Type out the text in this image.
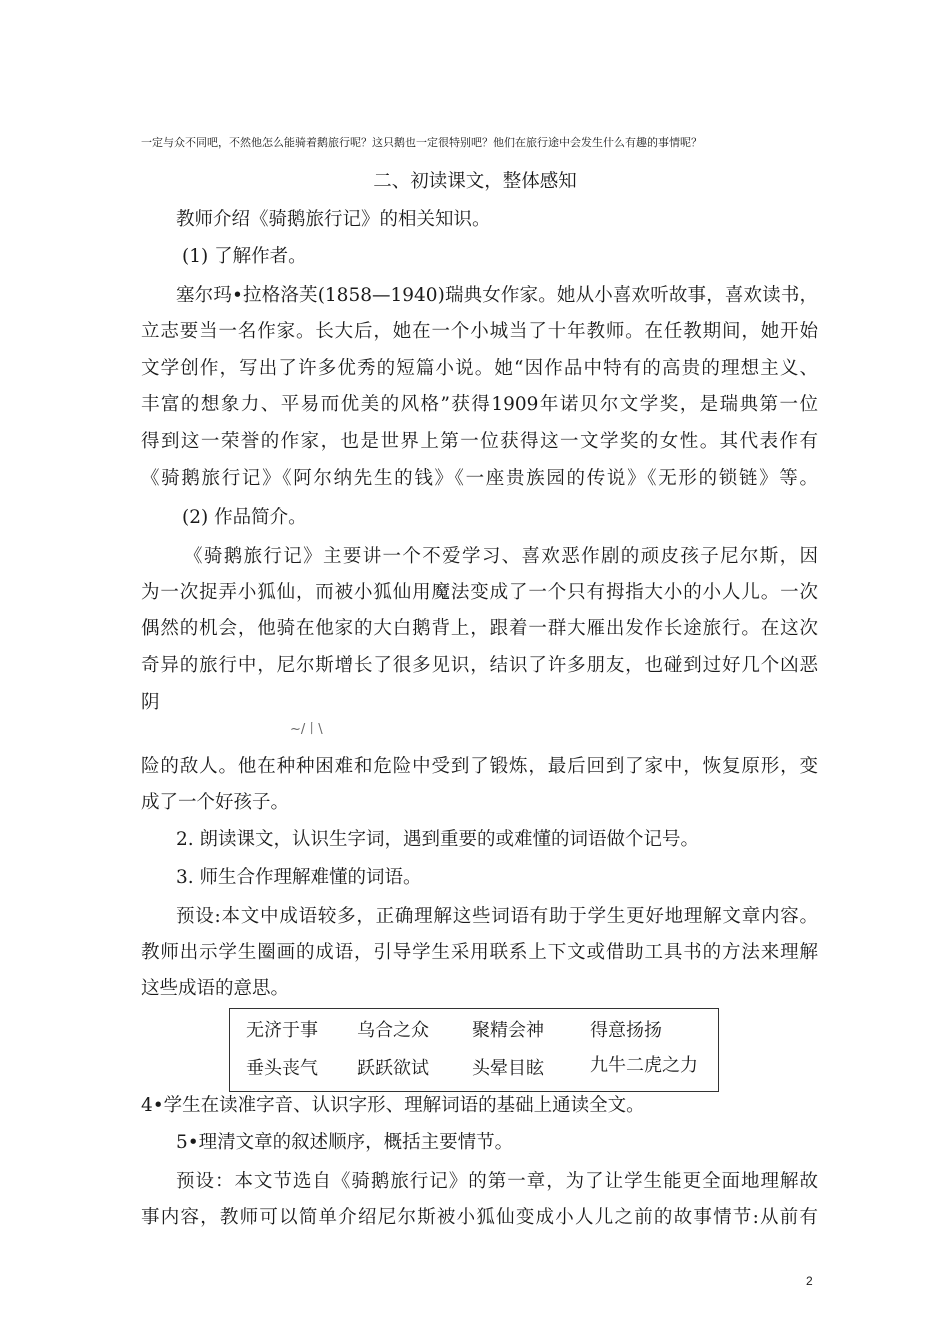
一定与众不同吧，不然他怎么能骑着鹅旅行呢？这只鹅也一定很特别吧？他们在旅行途中会发生什么有趣的事情呢？
二、初读课文，整体感知
教师介绍《骑鹅旅行记》的相关知识。
(1) 了解作者。
塞尔玛•拉格洛芙(1858—1940)瑞典女作家。她从小喜欢听故事，喜欢读书，
立志要当一名作家。长大后，她在一个小城当了十年教师。在任教期间，她开始
文学创作，写出了许多优秀的短篇小说。她“因作品中特有的高贵的理想主义、
丰富的想象力、平易而优美的风格”获得1909年诺贝尔文学奖，是瑞典第一位
得到这一荣誉的作家，也是世界上第一位获得这一文学奖的女性。其代表作有
《骑鹅旅行记》《阿尔纳先生的钱》《一座贵族园的传说》《无形的锁链》等。
(2) 作品简介。
《骑鹅旅行记》主要讲一个不爱学习、喜欢恶作剧的顽皮孩子尼尔斯，因
为一次捉弄小狐仙，而被小狐仙用魔法变成了一个只有拇指大小的小人儿。一次
偶然的机会，他骑在他家的大白鹅背上，跟着一群大雁出发作长途旅行。在这次
奇异的旅行中，尼尔斯增长了很多见识，结识了许多朋友，也碰到过好几个凶恶
阴
~/丨\
险的敌人。他在种种困难和危险中受到了锻炼，最后回到了家中，恢复原形，变
成了一个好孩子。
2. 朗读课文，认识生字词，遇到重要的或难懂的词语做个记号。
3. 师生合作理解难懂的词语。
预设:本文中成语较多，正确理解这些词语有助于学生更好地理解文章内容。
教师出示学生圈画的成语，引导学生采用联系上下文或借助工具书的方法来理解
这些成语的意思。
无济于事 乌合之众 聚精会神	得意扬扬
垂头丧气 跃跃欲试 头晕目眩	九牛二虎之力
4•学生在读准字音、认识字形、理解词语的基础上通读全文。
5•理清文章的叙述顺序，概括主要情节。
预设：本文节选自《骑鹅旅行记》的第一章，为了让学生能更全面地理解故
事内容，教师可以简单介绍尼尔斯被小狐仙变成小人儿之前的故事情节:从前有
2
